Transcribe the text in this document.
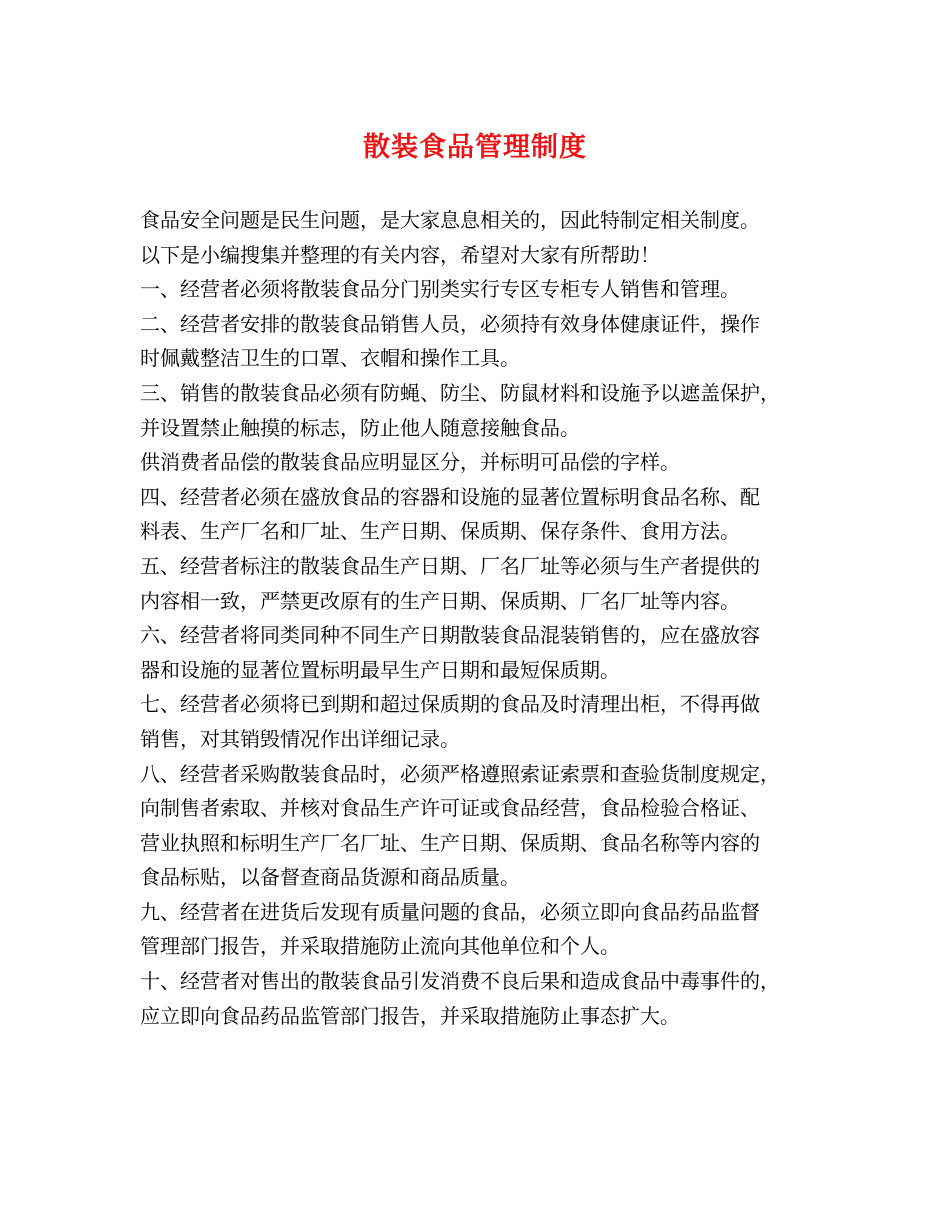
散装食品管理制度
食品安全问题是民生问题，是大家息息相关的，因此特制定相关制度。
以下是小编搜集并整理的有关内容，希望对大家有所帮助！
一、经营者必须将散装食品分门别类实行专区专柜专人销售和管理。
二、经营者安排的散装食品销售人员，必须持有效身体健康证件，操作
时佩戴整洁卫生的口罩、衣帽和操作工具。
三、销售的散装食品必须有防蝇、防尘、防鼠材料和设施予以遮盖保护，
并设置禁止触摸的标志，防止他人随意接触食品。
供消费者品偿的散装食品应明显区分，并标明可品偿的字样。
四、经营者必须在盛放食品的容器和设施的显著位置标明食品名称、配
料表、生产厂名和厂址、生产日期、保质期、保存条件、食用方法。
五、经营者标注的散装食品生产日期、厂名厂址等必须与生产者提供的
内容相一致，严禁更改原有的生产日期、保质期、厂名厂址等内容。
六、经营者将同类同种不同生产日期散装食品混装销售的，应在盛放容
器和设施的显著位置标明最早生产日期和最短保质期。
七、经营者必须将已到期和超过保质期的食品及时清理出柜，不得再做
销售，对其销毁情况作出详细记录。
八、经营者采购散装食品时，必须严格遵照索证索票和查验货制度规定，
向制售者索取、并核对食品生产许可证或食品经营，食品检验合格证、
营业执照和标明生产厂名厂址、生产日期、保质期、食品名称等内容的
食品标贴，以备督查商品货源和商品质量。
九、经营者在进货后发现有质量问题的食品，必须立即向食品药品监督
管理部门报告，并采取措施防止流向其他单位和个人。
十、经营者对售出的散装食品引发消费不良后果和造成食品中毒事件的，
应立即向食品药品监管部门报告，并采取措施防止事态扩大。
